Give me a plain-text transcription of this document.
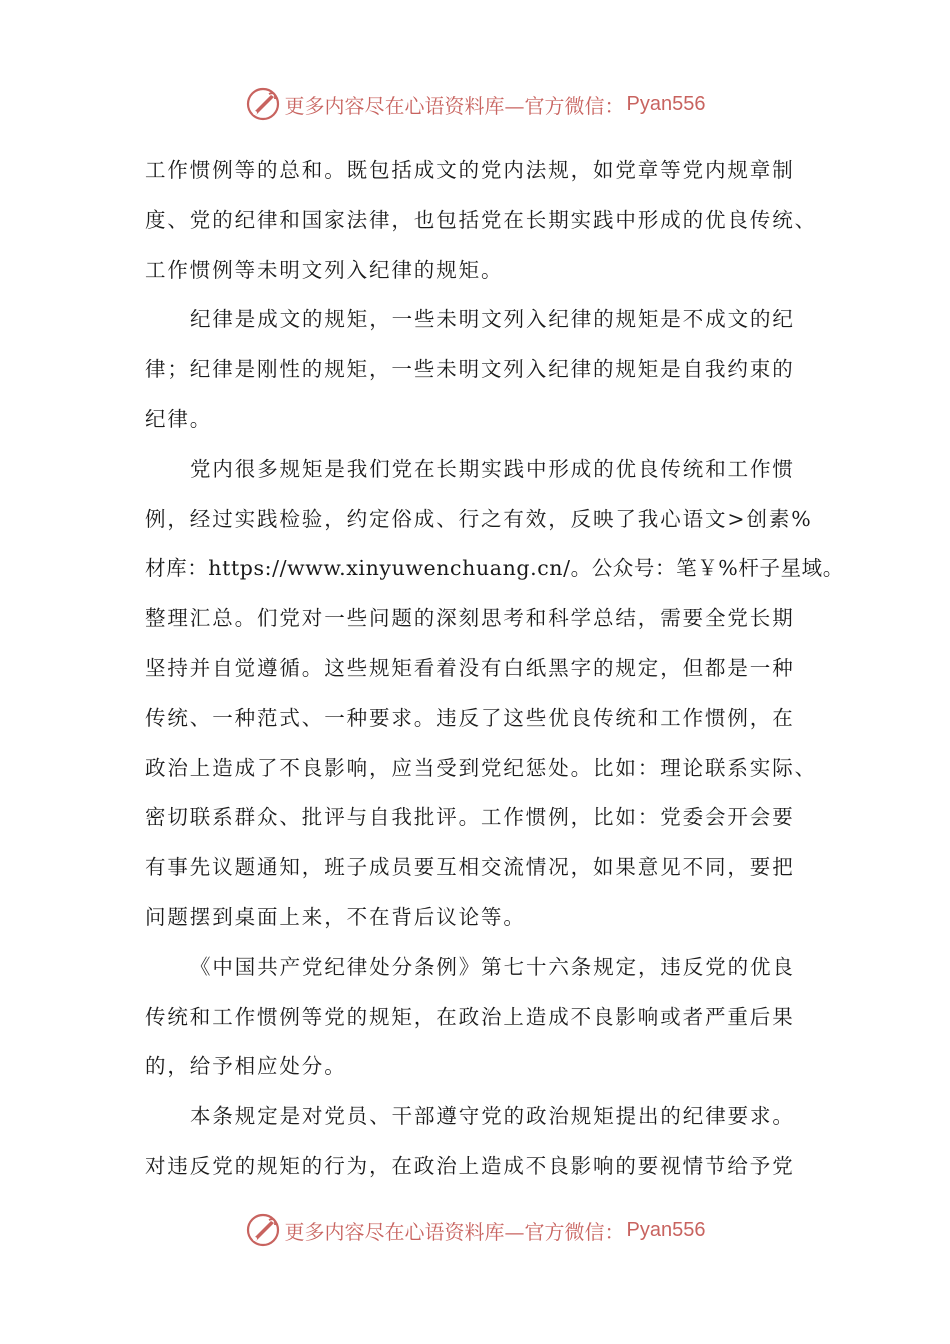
更多内容尽在心语资料库—官方微信： Pyan556
工作惯例等的总和。既包括成文的党内法规，如党章等党内规章制
度、党的纪律和国家法律，也包括党在长期实践中形成的优良传统、
工作惯例等未明文列入纪律的规矩。
纪律是成文的规矩，一些未明文列入纪律的规矩是不成文的纪
律；纪律是刚性的规矩，一些未明文列入纪律的规矩是自我约束的
纪律。
党内很多规矩是我们党在长期实践中形成的优良传统和工作惯
例，经过实践检验，约定俗成、行之有效，反映了我心语文>创素%
材库：https://www.xinyuwenchuang.cn/。公众号：笔￥%杆子星域。
整理汇总。们党对一些问题的深刻思考和科学总结，需要全党长期
坚持并自觉遵循。这些规矩看着没有白纸黑字的规定，但都是一种
传统、一种范式、一种要求。违反了这些优良传统和工作惯例，在
政治上造成了不良影响，应当受到党纪惩处。比如：理论联系实际、
密切联系群众、批评与自我批评。工作惯例，比如：党委会开会要
有事先议题通知，班子成员要互相交流情况，如果意见不同，要把
问题摆到桌面上来，不在背后议论等。
《中国共产党纪律处分条例》第七十六条规定，违反党的优良
传统和工作惯例等党的规矩，在政治上造成不良影响或者严重后果
的，给予相应处分。
本条规定是对党员、干部遵守党的政治规矩提出的纪律要求。
对违反党的规矩的行为，在政治上造成不良影响的要视情节给予党
更多内容尽在心语资料库—官方微信： Pyan556
